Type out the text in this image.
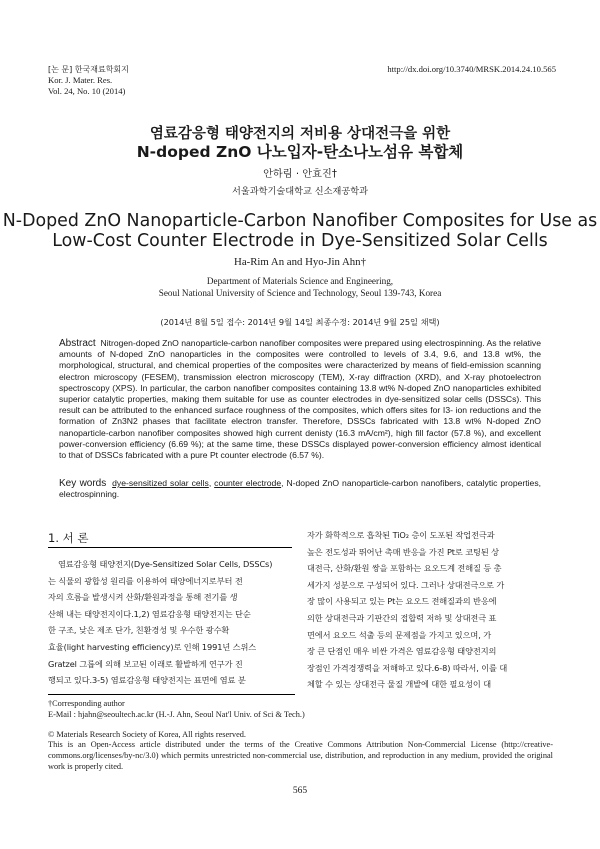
[논 문] 한국재료학회지
Kor. J. Mater. Res.
Vol. 24, No. 10 (2014)
http://dx.doi.org/10.3740/MRSK.2014.24.10.565
염료감응형 태양전지의 저비용 상대전극을 위한
N-doped ZnO 나노입자-탄소나노섬유 복합체
안하림 · 안효진†
서울과학기술대학교 신소재공학과
N-Doped ZnO Nanoparticle-Carbon Nanofiber Composites for Use as
Low-Cost Counter Electrode in Dye-Sensitized Solar Cells
Ha-Rim An and Hyo-Jin Ahn†
Department of Materials Science and Engineering,
Seoul National University of Science and Technology, Seoul 139-743, Korea
(2014년 8월 5일 접수: 2014년 9월 14일 최종수정: 2014년 9월 25일 채택)
Abstract Nitrogen-doped ZnO nanoparticle-carbon nanofiber composites were prepared using electrospinning. As the relative amounts of N-doped ZnO nanoparticles in the composites were controlled to levels of 3.4, 9.6, and 13.8 wt%, the morphological, structural, and chemical properties of the composites were characterized by means of field-emission scanning electron microscopy (FESEM), transmission electron microscopy (TEM), X-ray diffraction (XRD), and X-ray photoelectron spectroscopy (XPS). In particular, the carbon nanofiber composites containing 13.8 wt% N-doped ZnO nanoparticles exhibited superior catalytic properties, making them suitable for use as counter electrodes in dye-sensitized solar cells (DSSCs). This result can be attributed to the enhanced surface roughness of the composites, which offers sites for I3- ion reductions and the formation of Zn3N2 phases that facilitate electron transfer. Therefore, DSSCs fabricated with 13.8 wt% N-doped ZnO nanoparticle-carbon nanofiber composites showed high current denisty (16.3 mA/cm²), high fill factor (57.8 %), and excellent power-conversion efficiency (6.69 %); at the same time, these DSSCs displayed power-conversion efficiency almost identical to that of DSSCs fabricated with a pure Pt counter electrode (6.57 %).
Key words dye-sensitized solar cells, counter electrode, N-doped ZnO nanoparticle-carbon nanofibers, catalytic properties, electrospinning.
1. 서 론
염료감응형 태양전지(Dye-Sensitized Solar Cells, DSSCs)
는 식물의 광합성 원리를 이용하여 태양에너지로부터 전
자의 흐름을 발생시켜 산화/환원과정을 통해 전기를 생
산해 내는 태양전지이다.1,2) 염료감응형 태양전지는 단순
한 구조, 낮은 제조 단가, 친환경성 및 우수한 광수확
효율(light harvesting efficiency)로 인해 1991년 스위스
Gratzel 그룹에 의해 보고된 이래로 활발하게 연구가 진
행되고 있다.3-5) 염료감응형 태양전지는 표면에 염료 분
자가 화학적으로 흡착된 TiO₂ 층이 도포된 작업전극과
높은 전도성과 뛰어난 촉매 반응을 가진 Pt로 코팅된 상
대전극, 산화/환원 쌍을 포함하는 요오드계 전해질 등 총
세가지 성분으로 구성되어 있다. 그러나 상대전극으로 가
장 많이 사용되고 있는 Pt는 요오드 전해질과의 반응에
의한 상대전극과 기판간의 접합력 저하 및 상대전극 표
면에서 요오드 석출 등의 문제점을 가지고 있으며, 가
장 큰 단점인 매우 비싼 가격은 염료감응형 태양전지의
장점인 가격경쟁력을 저해하고 있다.6-8) 따라서, 이를 대
체할 수 있는 상대전극 물질 개발에 대한 필요성이 대
†Corresponding author
E-Mail : hjahn@seoultech.ac.kr (H.-J. Ahn, Seoul Nat'l Univ. of Sci & Tech.)
© Materials Research Society of Korea, All rights reserved.
This is an Open-Access article distributed under the terms of the Creative Commons Attribution Non-Commercial License (http://creative-commons.org/licenses/by-nc/3.0) which permits unrestricted non-commercial use, distribution, and reproduction in any medium, provided the original work is properly cited.
565
